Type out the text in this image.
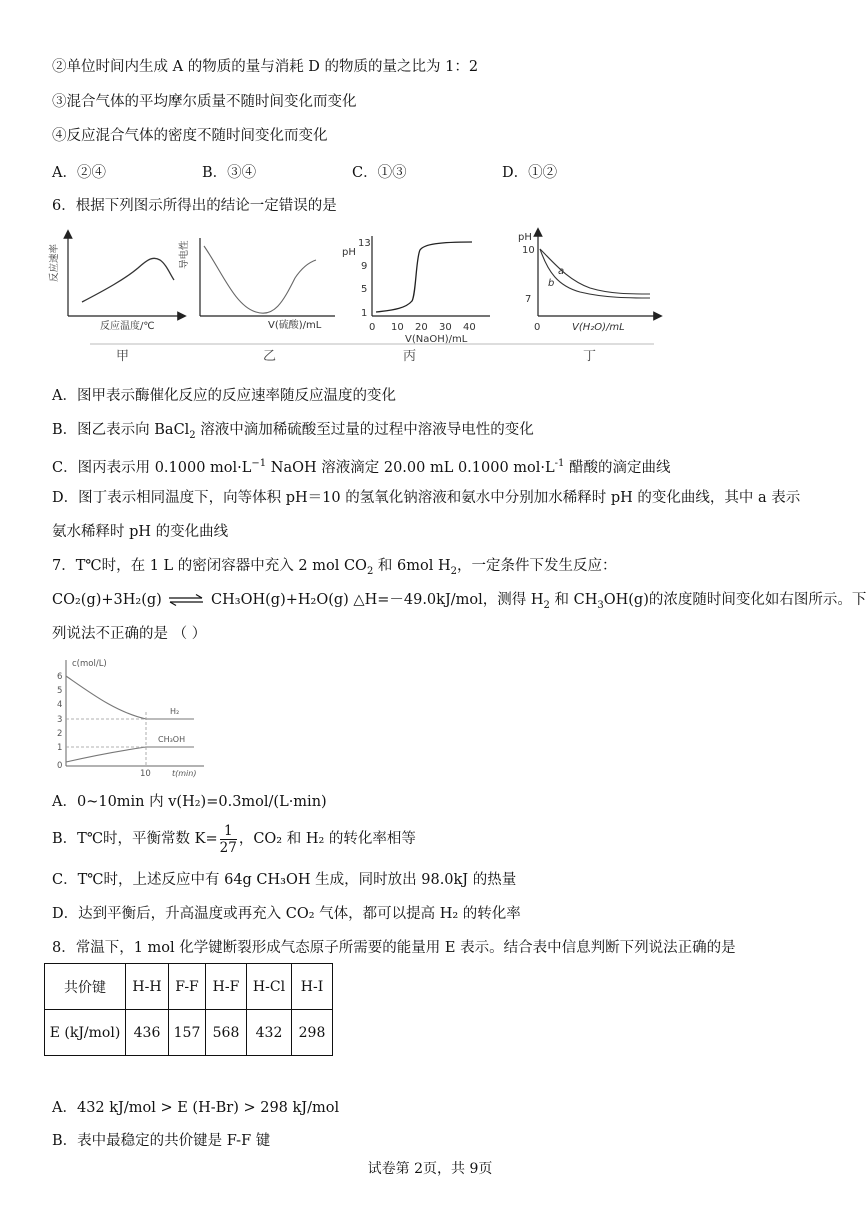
②单位时间内生成 A 的物质的量与消耗 D 的物质的量之比为 1：2
③混合气体的平均摩尔质量不随时间变化而变化
④反应混合气体的密度不随时间变化而变化
A．②④	B．③④	C．①③	D．①②
6．根据下列图示所得出的结论一定错误的是
反应速率
反应温度/℃
导电性
V(硫酸)/mL
pH
13
9
5
1
0 10 20 30 40
V(NaOH)/mL
pH
10
7
0	V(H₂O)/mL
a
b
甲	乙	丙	丁
A．图甲表示酶催化反应的反应速率随反应温度的变化
B．图乙表示向 BaCl$_2$ 溶液中滴加稀硫酸至过量的过程中溶液导电性的变化
C．图丙表示用 0.1000 $mol\cdot L^{-1}$ NaOH 溶液滴定 20.00 mL 0.1000 $mol\cdot L^{-1}$ 醋酸的滴定曲线
D．图丁表示相同温度下，向等体积 pH＝10 的氢氧化钠溶液和氨水中分别加水稀释时 pH 的变化曲线，其中 a 表示氨水稀释时 pH 的变化曲线
7．T℃时，在 1 L 的密闭容器中充入 2 mol $CO_2$ 和 6mol $H_2$，一定条件下发生反应：
CO₂(g)+3H₂(g) ⇌ CH₃OH(g)+H₂O(g) △H=－49.0kJ/mol，测得 $H_2$ 和 $CH_3OH(g)$的浓度随时间变化如右图所示。下
列说法不正确的是 （ ）
c(mol/L)
6
5
4
3
2
1
0
H₂
CH₃OH
10	t(min)
A．0~10min 内 v(H₂)=0.3mol/(L·min)
B．T℃时，平衡常数 $K= \frac{1}{27}$ ，CO₂ 和 H₂ 的转化率相等
C．T℃时，上述反应中有 64g CH₃OH 生成，同时放出 98.0kJ 的热量
D．达到平衡后，升高温度或再充入 CO₂ 气体，都可以提高 H₂ 的转化率
8．常温下，1 mol 化学键断裂形成气态原子所需要的能量用 E 表示。结合表中信息判断下列说法正确的是
共价键	H-H	F-F	H-F	H-Cl	H-I
E (kJ/mol)	436	157	568	432	298
A．432 kJ/mol > E (H-Br) > 298 kJ/mol
B．表中最稳定的共价键是 F-F 键
试卷第 2页，共 9页
